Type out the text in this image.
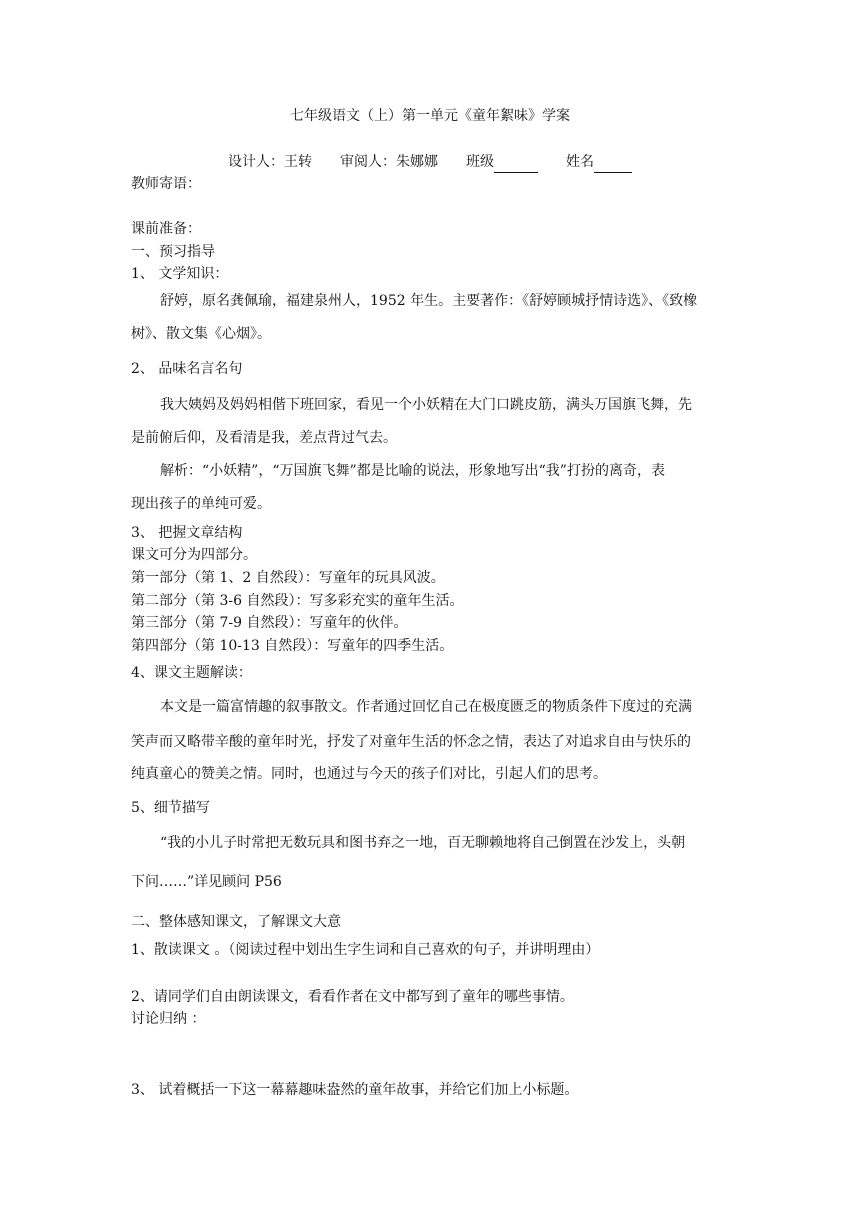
七年级语文（上）第一单元《童年絮味》学案
设计人：王转 审阅人：朱娜娜 班级	姓名
教师寄语：
课前准备：
一、预习指导
1、 文学知识：
舒婷，原名龚佩瑜，福建泉州人，1952 年生。主要著作：《舒婷顾城抒情诗选》、《致橡
树》、散文集《心烟》。
2、 品味名言名句
我大姨妈及妈妈相偕下班回家，看见一个小妖精在大门口跳皮筋，满头万国旗飞舞，先
是前俯后仰，及看清是我，差点背过气去。
解析：“小妖精”，“万国旗飞舞”都是比喻的说法，形象地写出“我”打扮的离奇，表
现出孩子的单纯可爱。
3、 把握文章结构
课文可分为四部分。
第一部分（第 1、2 自然段）：写童年的玩具风波。
第二部分（第 3-6 自然段）：写多彩充实的童年生活。
第三部分（第 7-9 自然段）：写童年的伙伴。
第四部分（第 10-13 自然段）：写童年的四季生活。
4、课文主题解读：
本文是一篇富情趣的叙事散文。作者通过回忆自己在极度匮乏的物质条件下度过的充满
笑声而又略带辛酸的童年时光，抒发了对童年生活的怀念之情，表达了对追求自由与快乐的
纯真童心的赞美之情。同时，也通过与今天的孩子们对比，引起人们的思考。
5、细节描写
“我的小儿子时常把无数玩具和图书弃之一地，百无聊赖地将自己倒置在沙发上，头朝
下问……”详见顾问 P56
二、整体感知课文，了解课文大意
1、散读课文 。（阅读过程中划出生字生词和自己喜欢的句子，并讲明理由）
2、请同学们自由朗读课文，看看作者在文中都写到了童年的哪些事情。
讨论归纳 ：
3、 试着概括一下这一幕幕趣味盎然的童年故事，并给它们加上小标题。
